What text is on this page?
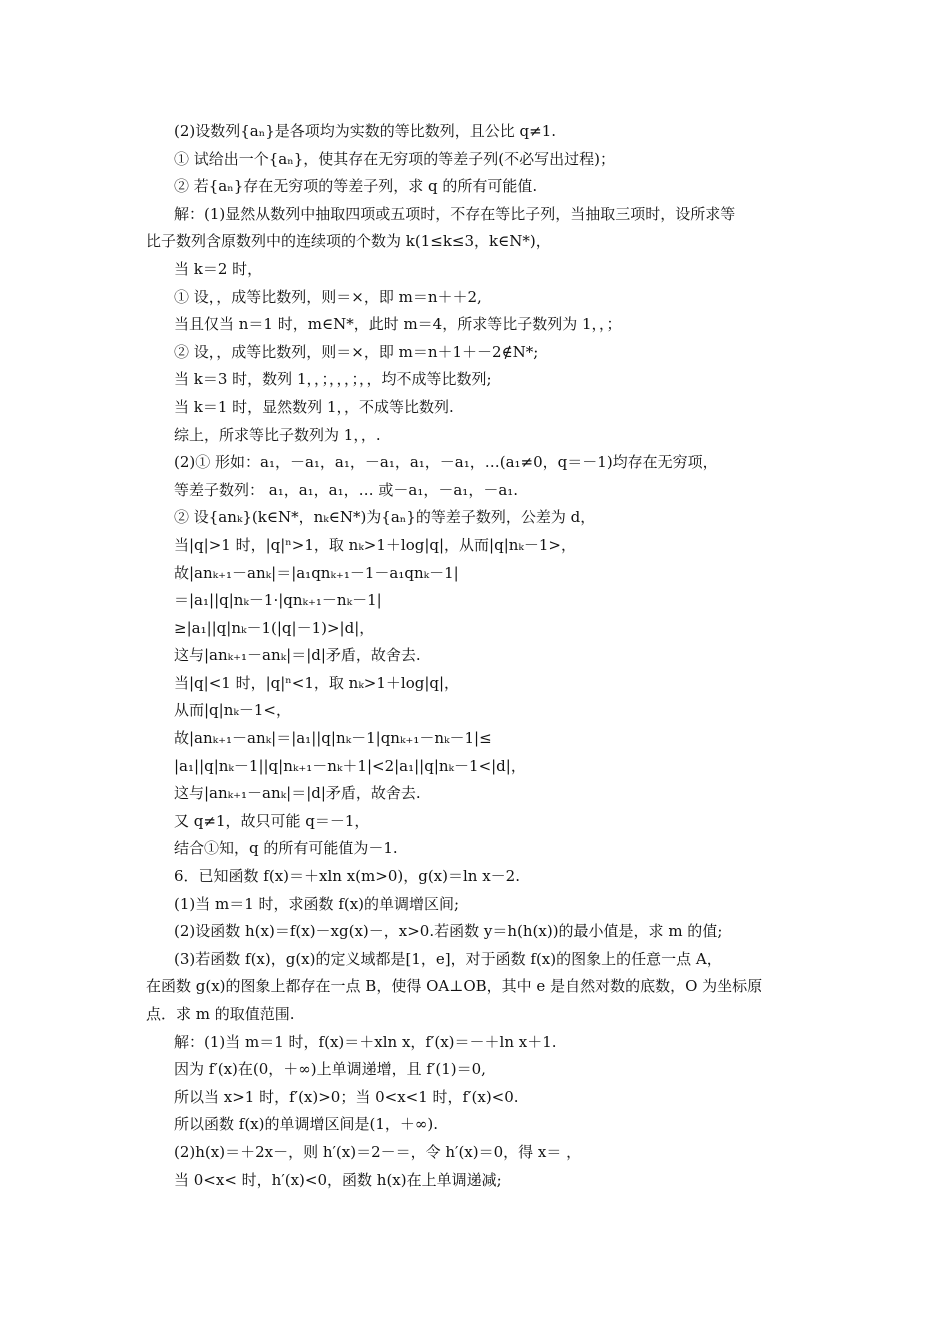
(2)设数列{aₙ}是各项均为实数的等比数列，且公比 q≠1.
① 试给出一个{aₙ}，使其存在无穷项的等差子列(不必写出过程)；
② 若{aₙ}存在无穷项的等差子列，求 q 的所有可能值.
解：(1)显然从数列中抽取四项或五项时，不存在等比子列，当抽取三项时，设所求等
比子数列含原数列中的连续项的个数为 k(1≤k≤3，k∈N*)，
当 k＝2 时，
① 设，，成等比数列，则＝×，即 m＝n＋＋2,
当且仅当 n＝1 时，m∈N*，此时 m＝4，所求等比子数列为 1，，；
② 设，，成等比数列，则＝×，即 m＝n＋1＋－2∉N*;
当 k＝3 时，数列 1，，；，，，；，，均不成等比数列;
当 k＝1 时，显然数列 1，，不成等比数列.
综上，所求等比子数列为 1，，.
(2)① 形如：a₁，－a₁，a₁，－a₁，a₁，－a₁，…(a₁≠0，q＝－1)均存在无穷项，
等差子数列： a₁，a₁，a₁，… 或－a₁，－a₁，－a₁.
② 设{anₖ}(k∈N*，nₖ∈N*)为{aₙ}的等差子数列，公差为 d，
当|q|>1 时，|q|ⁿ>1，取 nₖ>1＋log|q|，从而|q|nₖ－1>，
故|anₖ₊₁－anₖ|＝|a₁qnₖ₊₁－1－a₁qnₖ－1|
＝|a₁||q|nₖ－1·|qnₖ₊₁－nₖ－1|
≥|a₁||q|nₖ－1(|q|－1)>|d|，
这与|anₖ₊₁－anₖ|＝|d|矛盾，故舍去.
当|q|<1 时，|q|ⁿ<1，取 nₖ>1＋log|q|，
从而|q|nₖ－1<，
故|anₖ₊₁－anₖ|＝|a₁||q|nₖ－1|qnₖ₊₁－nₖ－1|≤
|a₁||q|nₖ－1||q|nₖ₊₁－nₖ＋1|<2|a₁||q|nₖ－1<|d|，
这与|anₖ₊₁－anₖ|＝|d|矛盾，故舍去.
又 q≠1，故只可能 q＝－1，
结合①知，q 的所有可能值为－1.
6．已知函数 f(x)＝＋xln x(m>0)，g(x)＝ln x－2.
(1)当 m＝1 时，求函数 f(x)的单调增区间;
(2)设函数 h(x)＝f(x)－xg(x)－，x>0.若函数 y＝h(h(x))的最小值是，求 m 的值;
(3)若函数 f(x)，g(x)的定义域都是[1，e]，对于函数 f(x)的图象上的任意一点 A，
在函数 g(x)的图象上都存在一点 B，使得 OA⊥OB，其中 e 是自然对数的底数，O 为坐标原
点．求 m 的取值范围.
解：(1)当 m＝1 时，f(x)＝＋xln x，f′(x)＝－＋ln x＋1.
因为 f′(x)在(0，＋∞)上单调递增，且 f′(1)＝0,
所以当 x>1 时，f′(x)>0；当 0<x<1 时，f′(x)<0.
所以函数 f(x)的单调增区间是(1，＋∞).
(2)h(x)＝＋2x－，则 h′(x)＝2－＝，令 h′(x)＝0，得 x＝ ，
当 0<x< 时，h′(x)<0，函数 h(x)在上单调递减;
